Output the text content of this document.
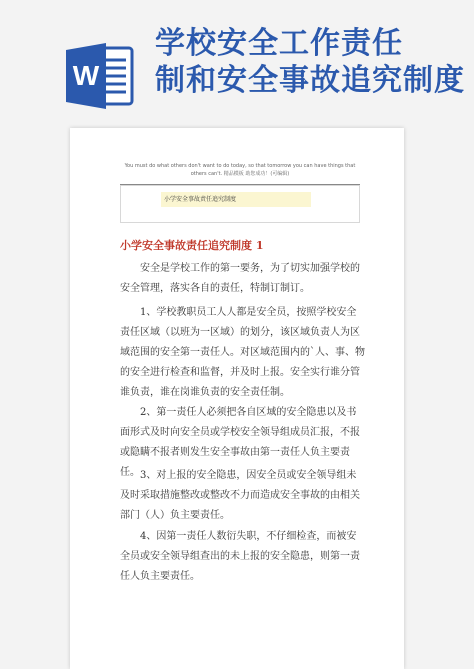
W
学校安全工作责任
制和安全事故追究制度
You must do what others don't want to do today, so that tomorrow you can have things that others can't. 精品模板 助您成功！(可编辑)
小学安全事故责任追究制度
小学安全事故责任追究制度 1

安全是学校工作的第一要务，为了切实加强学校的安全管理，落实各自的责任，特制订制订。

1、学校教职员工人人都是安全员，按照学校安全责任区域（以班为一区域）的划分，该区域负责人为区域范围的安全第一责任人。对区域范围内的`人、事、物的安全进行检查和监督，并及时上报。安全实行谁分管谁负责，谁在岗谁负责的安全责任制。

2、第一责任人必须把各自区域的安全隐患以及书面形式及时向安全员或学校安全领导组成员汇报，不报或隐瞒不报者则发生安全事故由第一责任人负主要责任。 3、对上报的安全隐患，因安全员或安全领导组未及时采取措施整改或整改不力而造成安全事故的由相关部门（人）负主要责任。

4、因第一责任人数衍失职，不仔细检查，而被安全员或安全领导组查出的未上报的安全隐患，则第一责任人负主要责任。
